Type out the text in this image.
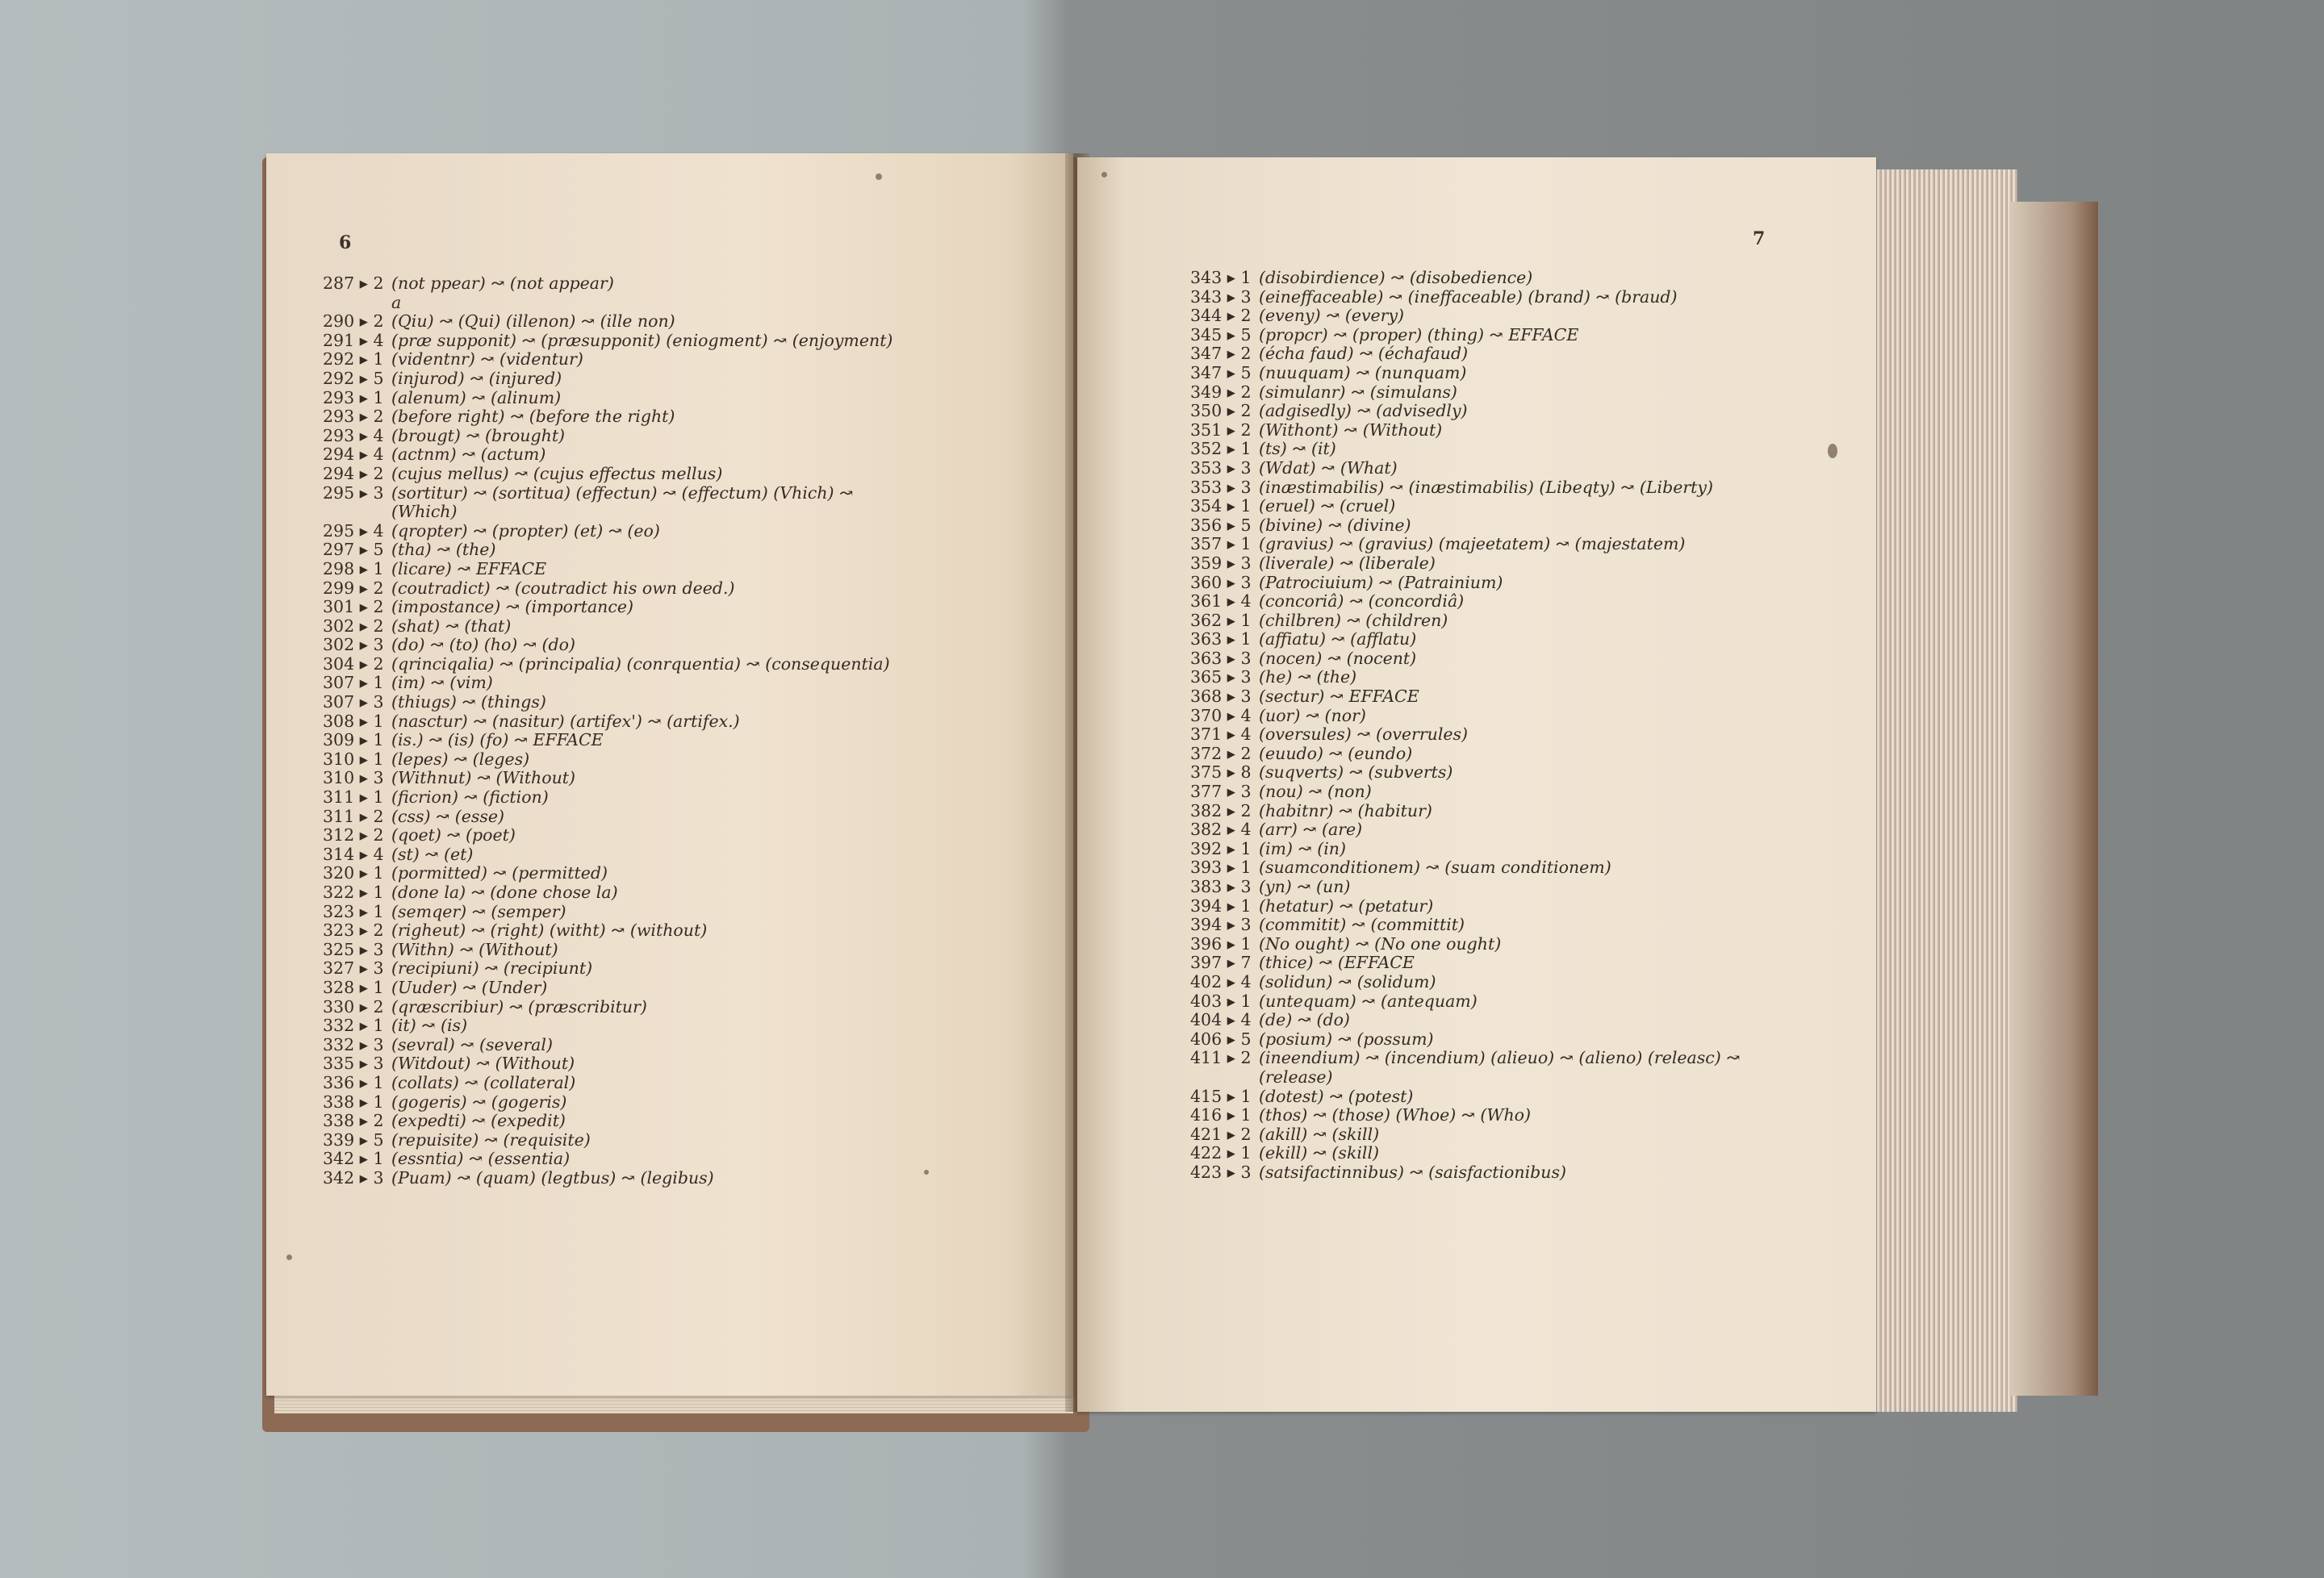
6
287 ▸ 2 (not ppear) ↝ (not appear)
a
290 ▸ 2 (Qiu) ↝ (Qui) (illenon) ↝ (ille non)
291 ▸ 4 (præ supponit) ↝ (præsupponit) (eniogment) ↝ (enjoyment)
292 ▸ 1 (videntnr) ↝ (videntur)
292 ▸ 5 (injurod) ↝ (injured)
293 ▸ 1 (alenum) ↝ (alinum)
293 ▸ 2 (before right) ↝ (before the right)
293 ▸ 4 (brougt) ↝ (brought)
294 ▸ 4 (actnm) ↝ (actum)
294 ▸ 2 (cujus mellus) ↝ (cujus effectus mellus)
295 ▸ 3 (sortitur) ↝ (sortitua) (effectun) ↝ (effectum) (Vhich) ↝
(Which)
295 ▸ 4 (qropter) ↝ (propter) (et) ↝ (eo)
297 ▸ 5 (tha) ↝ (the)
298 ▸ 1 (licare) ↝ EFFACE
299 ▸ 2 (coutradict) ↝ (coutradict his own deed.)
301 ▸ 2 (impostance) ↝ (importance)
302 ▸ 2 (shat) ↝ (that)
302 ▸ 3 (do) ↝ (to) (ho) ↝ (do)
304 ▸ 2 (qrinciqalia) ↝ (principalia) (conrquentia) ↝ (consequentia)
307 ▸ 1 (im) ↝ (vim)
307 ▸ 3 (thiugs) ↝ (things)
308 ▸ 1 (nasctur) ↝ (nasitur) (artifex') ↝ (artifex.)
309 ▸ 1 (is.) ↝ (is) (fo) ↝ EFFACE
310 ▸ 1 (lepes) ↝ (leges)
310 ▸ 3 (Withnut) ↝ (Without)
311 ▸ 1 (ficrion) ↝ (fiction)
311 ▸ 2 (css) ↝ (esse)
312 ▸ 2 (qoet) ↝ (poet)
314 ▸ 4 (st) ↝ (et)
320 ▸ 1 (pormitted) ↝ (permitted)
322 ▸ 1 (done la) ↝ (done chose la)
323 ▸ 1 (semqer) ↝ (semper)
323 ▸ 2 (righeut) ↝ (right) (witht) ↝ (without)
325 ▸ 3 (Withn) ↝ (Without)
327 ▸ 3 (recipiuni) ↝ (recipiunt)
328 ▸ 1 (Uuder) ↝ (Under)
330 ▸ 2 (qræscribiur) ↝ (præscribitur)
332 ▸ 1 (it) ↝ (is)
332 ▸ 3 (sevral) ↝ (several)
335 ▸ 3 (Witdout) ↝ (Without)
336 ▸ 1 (collats) ↝ (collateral)
338 ▸ 1 (gogeris) ↝ (gogeris)
338 ▸ 2 (expedti) ↝ (expedit)
339 ▸ 5 (repuisite) ↝ (requisite)
342 ▸ 1 (essntia) ↝ (essentia)
342 ▸ 3 (Puam) ↝ (quam) (legtbus) ↝ (legibus)
7
343 ▸ 1 (disobirdience) ↝ (disobedience)
343 ▸ 3 (eineffaceable) ↝ (ineffaceable) (brand) ↝ (braud)
344 ▸ 2 (eveny) ↝ (every)
345 ▸ 5 (propcr) ↝ (proper) (thing) ↝ EFFACE
347 ▸ 2 (écha faud) ↝ (échafaud)
347 ▸ 5 (nuuquam) ↝ (nunquam)
349 ▸ 2 (simulanr) ↝ (simulans)
350 ▸ 2 (adgisedly) ↝ (advisedly)
351 ▸ 2 (Withont) ↝ (Without)
352 ▸ 1 (ts) ↝ (it)
353 ▸ 3 (Wdat) ↝ (What)
353 ▸ 3 (inæstimabilis) ↝ (inæstimabilis) (Libeqty) ↝ (Liberty)
354 ▸ 1 (eruel) ↝ (cruel)
356 ▸ 5 (bivine) ↝ (divine)
357 ▸ 1 (gravius) ↝ (gravius) (majeetatem) ↝ (majestatem)
359 ▸ 3 (liverale) ↝ (liberale)
360 ▸ 3 (Patrociuium) ↝ (Patrainium)
361 ▸ 4 (concoriâ) ↝ (concordiâ)
362 ▸ 1 (chilbren) ↝ (children)
363 ▸ 1 (affiatu) ↝ (afflatu)
363 ▸ 3 (nocen) ↝ (nocent)
365 ▸ 3 (he) ↝ (the)
368 ▸ 3 (sectur) ↝ EFFACE
370 ▸ 4 (uor) ↝ (nor)
371 ▸ 4 (oversules) ↝ (overrules)
372 ▸ 2 (euudo) ↝ (eundo)
375 ▸ 8 (suqverts) ↝ (subverts)
377 ▸ 3 (nou) ↝ (non)
382 ▸ 2 (habitnr) ↝ (habitur)
382 ▸ 4 (arr) ↝ (are)
392 ▸ 1 (im) ↝ (in)
393 ▸ 1 (suamconditionem) ↝ (suam conditionem)
383 ▸ 3 (yn) ↝ (un)
394 ▸ 1 (hetatur) ↝ (petatur)
394 ▸ 3 (commitit) ↝ (committit)
396 ▸ 1 (No ought) ↝ (No one ought)
397 ▸ 7 (thice) ↝ (EFFACE
402 ▸ 4 (solidun) ↝ (solidum)
403 ▸ 1 (untequam) ↝ (antequam)
404 ▸ 4 (de) ↝ (do)
406 ▸ 5 (posium) ↝ (possum)
411 ▸ 2 (ineendium) ↝ (incendium) (alieuo) ↝ (alieno) (releasc) ↝
(release)
415 ▸ 1 (dotest) ↝ (potest)
416 ▸ 1 (thos) ↝ (those) (Whoe) ↝ (Who)
421 ▸ 2 (akill) ↝ (skill)
422 ▸ 1 (ekill) ↝ (skill)
423 ▸ 3 (satsifactinnibus) ↝ (saisfactionibus)
